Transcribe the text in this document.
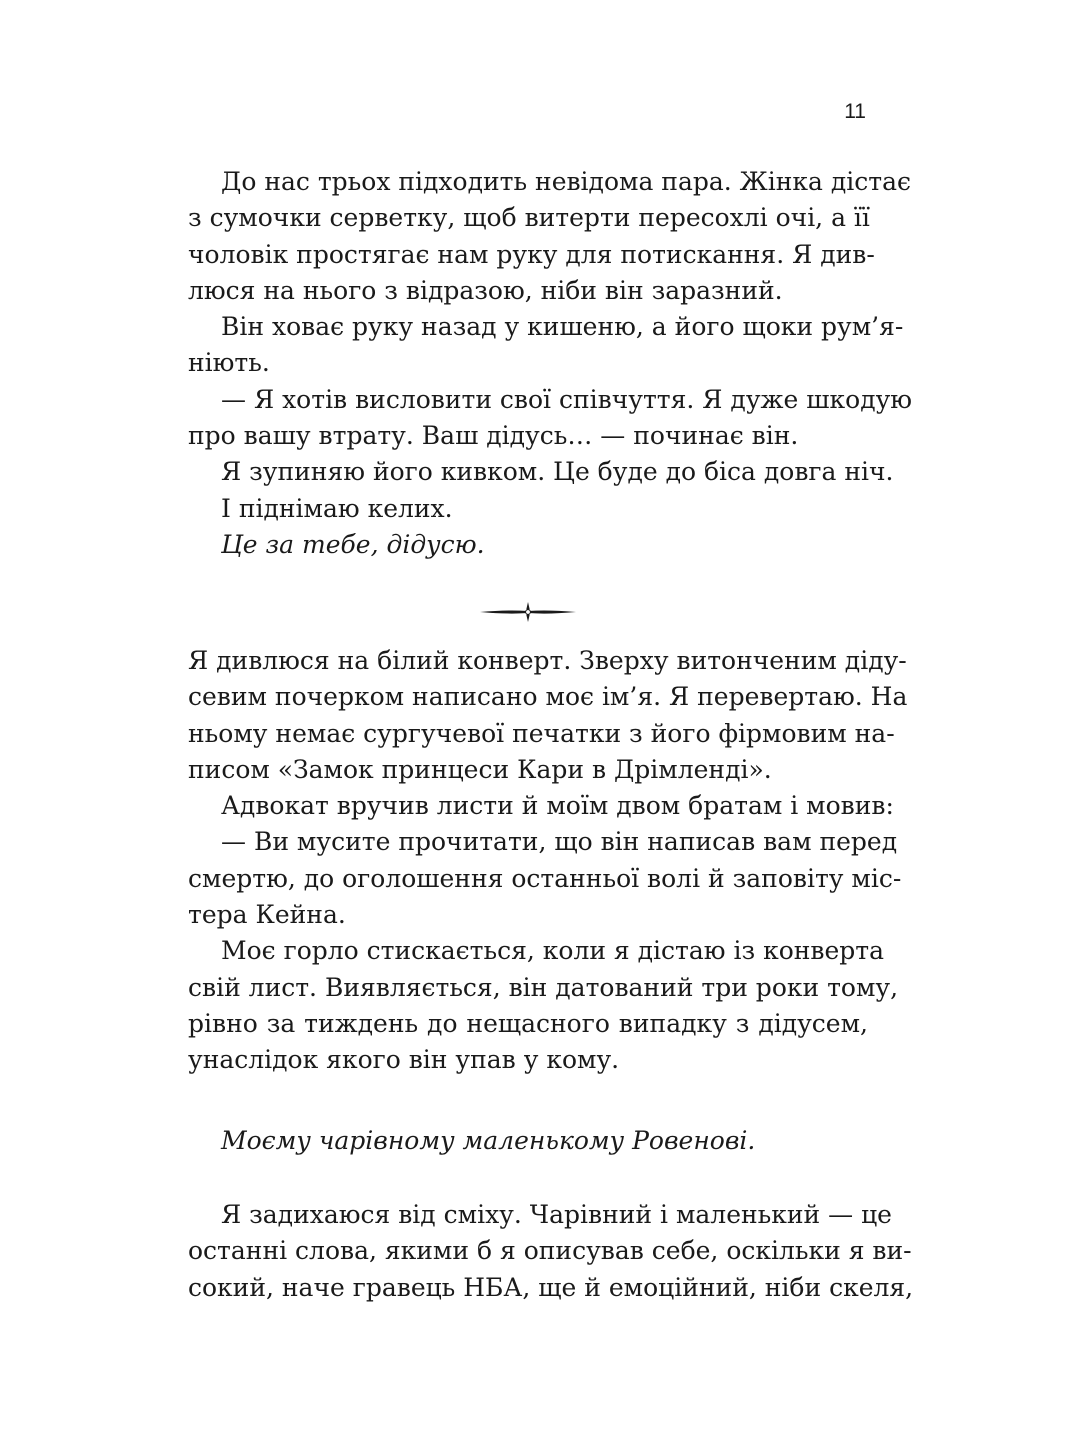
11
До нас трьох підходить невідома пара. Жінка дістає
з сумочки серветку, щоб витерти пересохлі очі, а її
чоловік простягає нам руку для потискання. Я див-
люся на нього з відразою, ніби він заразний.
Він ховає руку назад у кишеню, а його щоки рум’я-
ніють.
— Я хотів висловити свої співчуття. Я дуже шкодую
про вашу втрату. Ваш дідусь… — починає він.
Я зупиняю його кивком. Це буде до біса довга ніч.
І піднімаю келих.
Це за тебе, дідусю.
Я дивлюся на білий конверт. Зверху витонченим діду-
севим почерком написано моє ім’я. Я перевертаю. На
ньому немає сургучевої печатки з його фірмовим на-
писом «Замок принцеси Кари в Дрімленді».
Адвокат вручив листи й моїм двом братам і мовив:
— Ви мусите прочитати, що він написав вам перед
смертю, до оголошення останньої волі й заповіту міс-
тера Кейна.
Моє горло стискається, коли я дістаю із конверта
свій лист. Виявляється, він датований три роки тому,
рівно за тиждень до нещасного випадку з дідусем,
унаслідок якого він упав у кому.
Моєму чарівному маленькому Ровенові.
Я задихаюся від сміху. Чарівний і маленький — це
останні слова, якими б я описував себе, оскільки я ви-
сокий, наче гравець НБА, ще й емоційний, ніби скеля,
